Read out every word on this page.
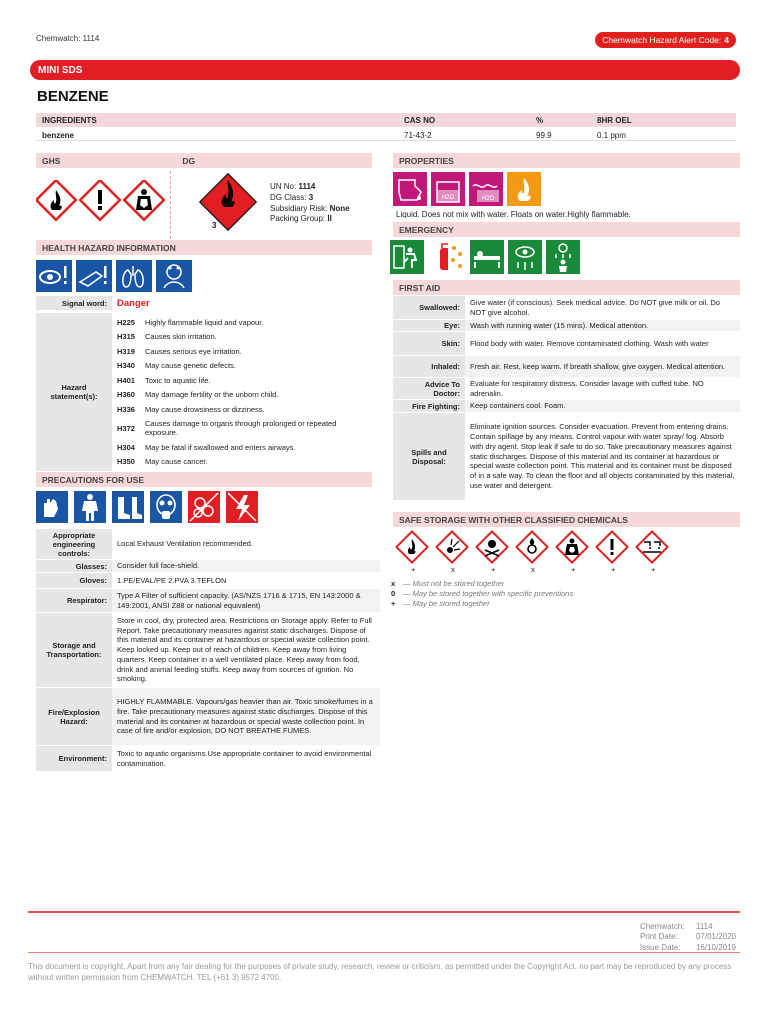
Chemwatch: 1114	Chemwatch Hazard Alert Code: 4
MINI SDS
BENZENE
INGREDIENTS	CAS NO	%	8HR OEL
benzene	71-43-2	99.9	0.1 ppm
GHS	DG
3
UN No: 1114
DG Class: 3
Subsidiary Risk: None
Packing Group: II
HEALTH HAZARD INFORMATION
Signal word:	Danger
Hazard statement(s):
H225	Highly flammable liquid and vapour.
H315	Causes skin irritation.
H319	Causes serious eye irritation.
H340	May cause genetic defects.
H401	Toxic to aquatic life.
H360	May damage fertility or the unborn child.
H336	May cause drowsiness or dizziness.
H372
Causes damage to organs through prolonged or repeated exposure.
H304	May be fatal if swallowed and enters airways.
H350	May cause cancer.
PRECAUTIONS FOR USE
Appropriate engineering controls:
Local Exhaust Ventilation recommended.
Glasses:	Consider full face-shield.
Gloves:	1.PE/EVAL/PE 2.PVA 3.TEFLON
Respirator:
Type A Filter of sufficient capacity. (AS/NZS 1716 & 1715, EN 143:2000 & 149:2001, ANSI Z88 or national equivalent)
Storage and Transportation:
Store in cool, dry, protected area. Restrictions on Storage apply. Refer to Full Report. Take precautionary measures against static discharges. Dispose of this material and its container at hazardous or special waste collection point. Keep locked up. Keep out of reach of children. Keep away from living quarters. Keep container in a well ventilated place. Keep away from food, drink and animal feeding stuffs. Keep away from sources of ignition. No smoking.
Fire/Explosion Hazard:
HIGHLY FLAMMABLE. Vapours/gas heavier than air. Toxic smoke/fumes in a fire. Take precautionary measures against static discharges. Dispose of this material and its container at hazardous or special waste collection point. In case of fire and/or explosion, DO NOT BREATHE FUMES.
Environment:
Toxic to aquatic organisms.Use appropriate container to avoid environmental contamination.
PROPERTIES
H2O	H2O
Liquid. Does not mix with water. Floats on water.Highly flammable.
EMERGENCY
FIRST AID
Swallowed:
Give water (if conscious). Seek medical advice. Do NOT give milk or oil. Do NOT give alcohol.
Eye:	Wash with running water (15 mins). Medical attention.
Skin:	Flood body with water. Remove contaminated clothing. Wash with water
Inhaled:	Fresh air. Rest, keep warm. If breath shallow, give oxygen. Medical attention.
Advice To Doctor:
Evaluate for respiratory distress. Consider lavage with cuffed tube. NO adrenalin.
Fire Fighting:	Keep containers cool. Foam.
Spills and Disposal:
Eliminate ignition sources. Consider evacuation. Prevent from entering drains. Contain spillage by any means. Control vapour with water spray/ fog. Absorb with dry agent. Stop leak if safe to do so. Take precautionary measures against static discharges. Dispose of this material and its container at hazardous or special waste collection point. This material and its container must be disposed of in a safe way. To clean the floor and all objects contaminated by this material, use water and detergent.
SAFE STORAGE WITH OTHER CLASSIFIED CHEMICALS
+	x	+	x	+	+	+
x — Must not be stored together
0 — May be stored together with specific preventions
+ — May be stored together
Chemwatch: 1114
Print Date: 07/01/2020
Issue Date: 16/10/2019
This document is copyright. Apart from any fair dealing for the purposes of private study, research, review or criticism, as permitted under the Copyright Act, no part may be reproduced by any process without written permission from CHEMWATCH. TEL (+61 3) 9572 4700.
